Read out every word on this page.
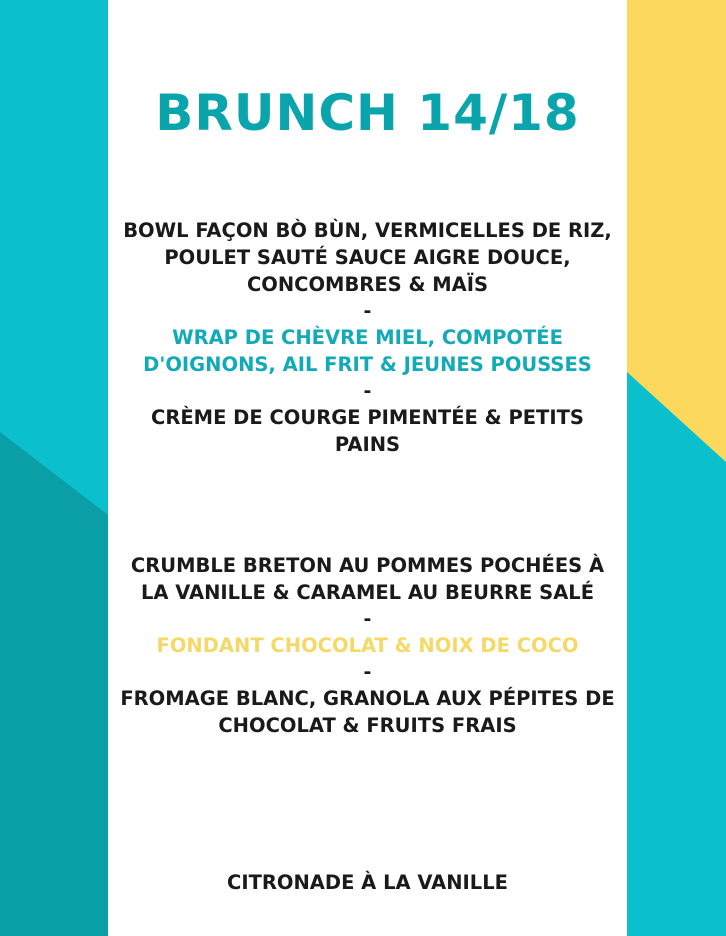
BRUNCH 14/18
BOWL FAÇON BÒ BÙN, VERMICELLES DE RIZ, POULET SAUTÉ SAUCE AIGRE DOUCE, CONCOMBRES & MAÏS
-
WRAP DE CHÈVRE MIEL, COMPOTÉE D'OIGNONS, AIL FRIT & JEUNES POUSSES
-
CRÈME DE COURGE PIMENTÉE & PETITS PAINS
CRUMBLE BRETON AU POMMES POCHÉES À LA VANILLE & CARAMEL AU BEURRE SALÉ
-
FONDANT CHOCOLAT & NOIX DE COCO
-
FROMAGE BLANC, GRANOLA AUX PÉPITES DE CHOCOLAT & FRUITS FRAIS
CITRONADE À LA VANILLE
